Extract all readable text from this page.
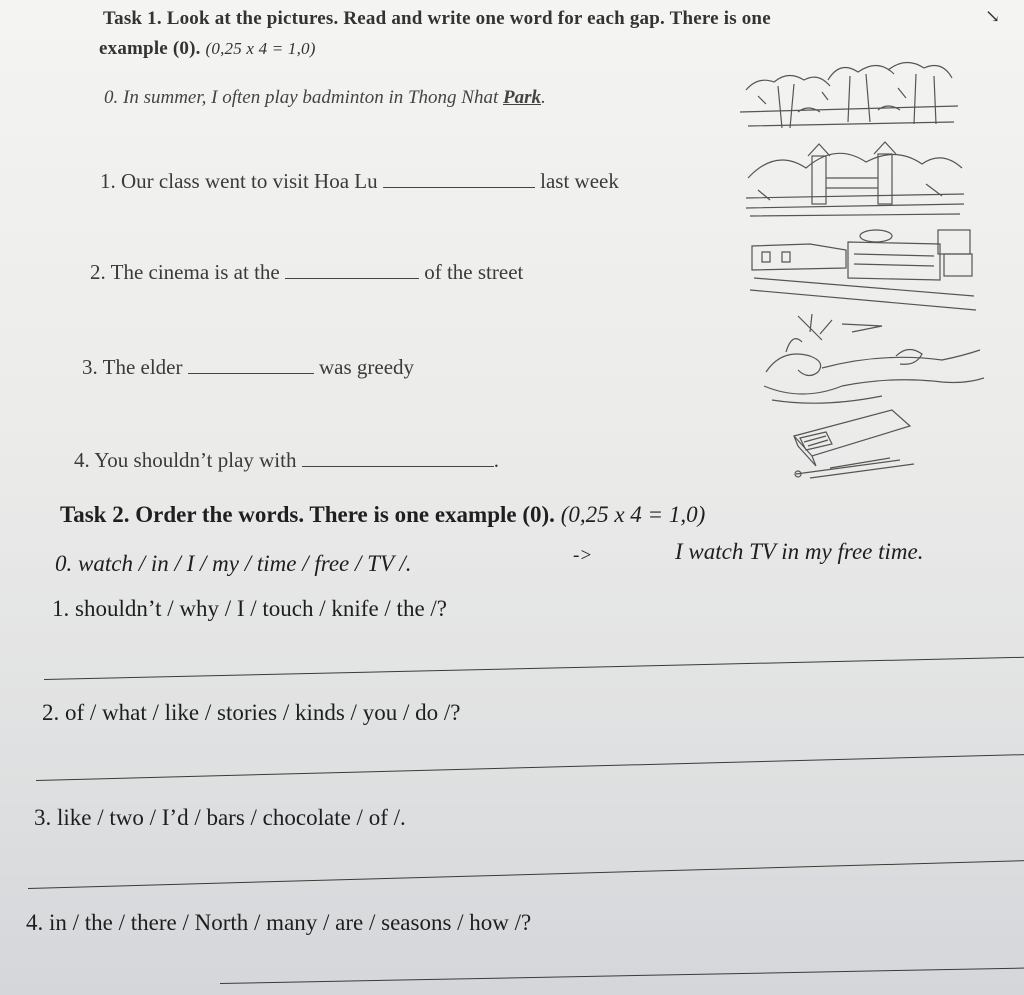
Task 1. Look at the pictures. Read and write one word for each gap. There is one	↘
example (0). (0,25 x 4 = 1,0)
0. In summer, I often play badminton in Thong Nhat Park.
1. Our class went to visit Hoa Lu	last week
2. The cinema is at the	of the street
3. The elder	was greedy
4. You shouldn’t play with	.
Task 2. Order the words. There is one example (0). (0,25 x 4 = 1,0)
0. watch / in / I / my / time / free / TV /.	->	I watch TV in my free time.
1. shouldn’t / why / I / touch / knife / the /?
2. of / what / like / stories / kinds / you / do /?
3. like / two / I’d / bars / chocolate / of /.
4. in / the / there / North / many / are / seasons / how /?
